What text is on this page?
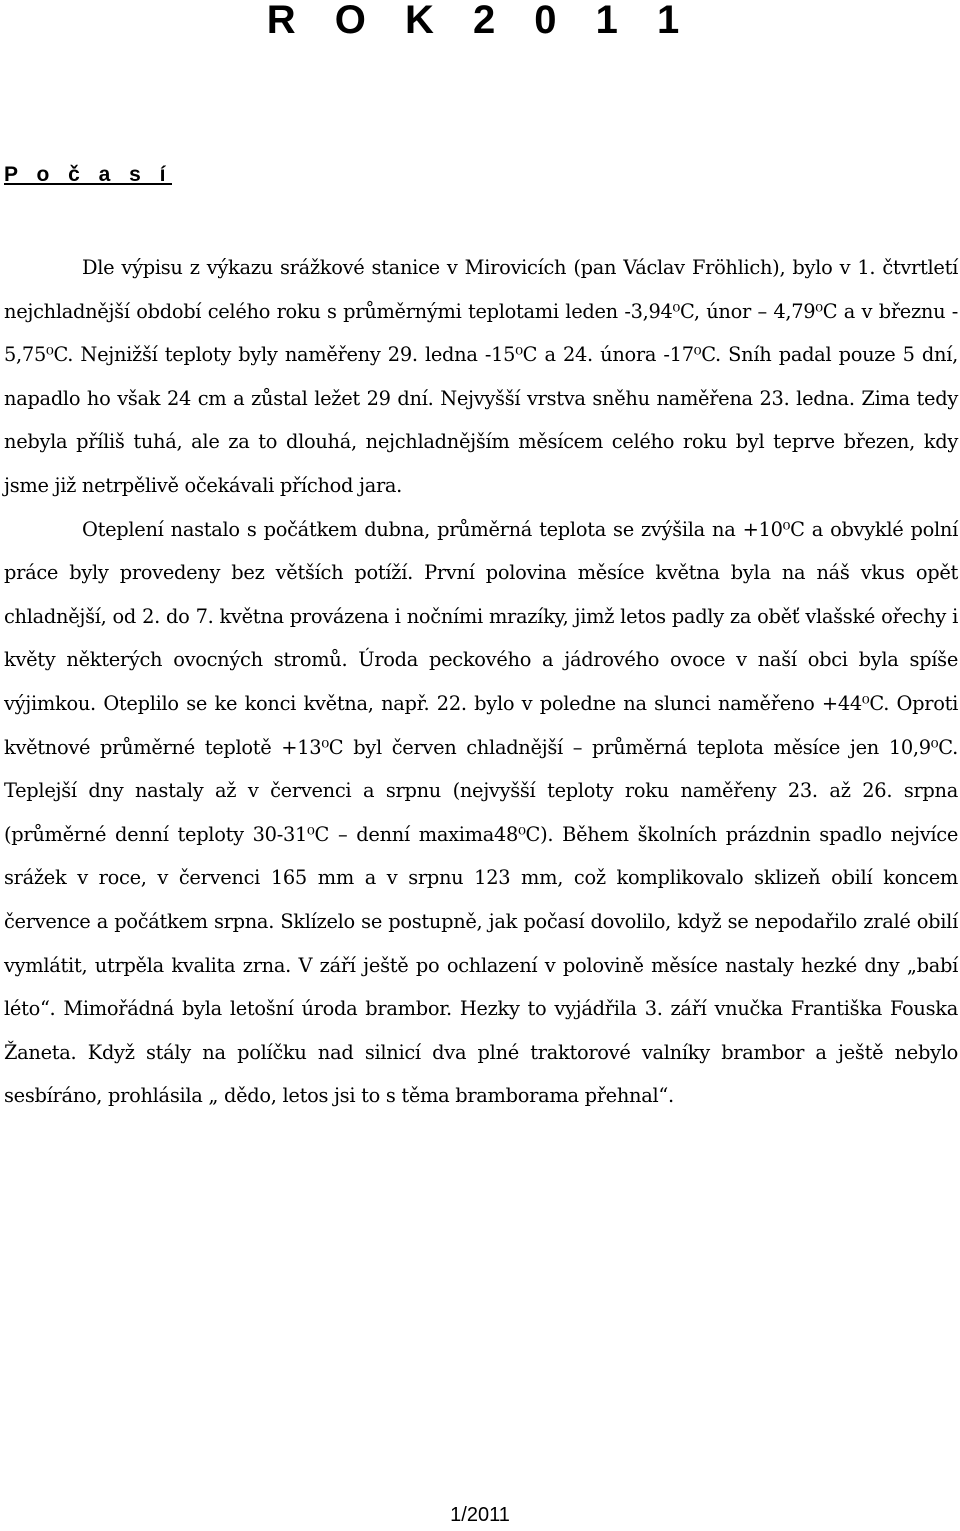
R O K 2 0 1 1
P o č a s í

Dle výpisu z výkazu srážkové stanice v Mirovicích (pan Václav Fröhlich), bylo v 1. čtvrtletí nejchladnější období celého roku s průměrnými teplotami leden -3,94⁰C, únor – 4,79⁰C a v březnu - 5,75⁰C. Nejnižší teploty byly naměřeny 29. ledna -15⁰C a 24. února -17⁰C. Sníh padal pouze 5 dní, napadlo ho však 24 cm a zůstal ležet 29 dní. Nejvyšší vrstva sněhu naměřena 23. ledna. Zima tedy nebyla příliš tuhá, ale za to dlouhá, nejchladnějším měsícem celého roku byl teprve březen, kdy jsme již netrpělivě očekávali příchod jara.

Oteplení nastalo s počátkem dubna, průměrná teplota se zvýšila na +10⁰C a obvyklé polní práce byly provedeny bez větších potíží. První polovina měsíce května byla na náš vkus opět chladnější, od 2. do 7. května provázena i nočními mrazíky, jimž letos padly za oběť vlašské ořechy i květy některých ovocných stromů. Úroda peckového a jádrového ovoce v naší obci byla spíše výjimkou. Oteplilo se ke konci května, např. 22. bylo v poledne na slunci naměřeno +44⁰C. Oproti květnové průměrné teplotě +13⁰C byl červen chladnější – průměrná teplota měsíce jen 10,9⁰C. Teplejší dny nastaly až v červenci a srpnu (nejvyšší teploty roku naměřeny 23. až 26. srpna (průměrné denní teploty 30-31⁰C – denní maxima48⁰C). Během školních prázdnin spadlo nejvíce srážek v roce, v červenci 165 mm a v srpnu 123 mm, což komplikovalo sklizeň obilí koncem července a počátkem srpna. Sklízelo se postupně, jak počasí dovolilo, když se nepodařilo zralé obilí vymlátit, utrpěla kvalita zrna. V září ještě po ochlazení v polovině měsíce nastaly hezké dny „babí léto“. Mimořádná byla letošní úroda brambor. Hezky to vyjádřila 3. září vnučka Františka Fouska Žaneta. Když stály na políčku nad silnicí dva plné traktorové valníky brambor a ještě nebylo sesbíráno, prohlásila „ dědo, letos jsi to s těma bramborama přehnal“.

1/2011
